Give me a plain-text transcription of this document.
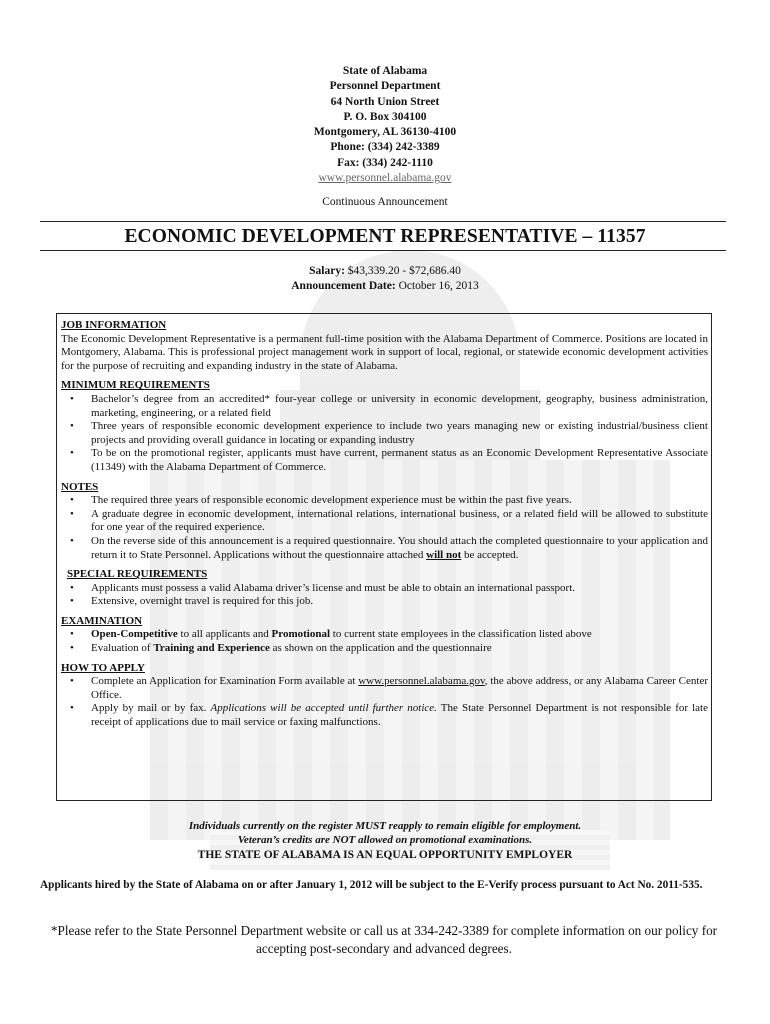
State of Alabama
Personnel Department
64 North Union Street
P. O. Box 304100
Montgomery, AL 36130-4100
Phone: (334) 242-3389
Fax: (334) 242-1110
www.personnel.alabama.gov
Continuous Announcement
ECONOMIC DEVELOPMENT REPRESENTATIVE – 11357
Salary: $43,339.20 - $72,686.40
Announcement Date: October 16, 2013
JOB INFORMATION
The Economic Development Representative is a permanent full-time position with the Alabama Department of Commerce. Positions are located in Montgomery, Alabama. This is professional project management work in support of local, regional, or statewide economic development activities for the purpose of recruiting and expanding industry in the state of Alabama.
MINIMUM REQUIREMENTS
• Bachelor’s degree from an accredited* four-year college or university in economic development, geography, business administration, marketing, engineering, or a related field
• Three years of responsible economic development experience to include two years managing new or existing industrial/business client projects and providing overall guidance in locating or expanding industry
• To be on the promotional register, applicants must have current, permanent status as an Economic Development Representative Associate (11349) with the Alabama Department of Commerce.
NOTES
• The required three years of responsible economic development experience must be within the past five years.
• A graduate degree in economic development, international relations, international business, or a related field will be allowed to substitute for one year of the required experience.
• On the reverse side of this announcement is a required questionnaire. You should attach the completed questionnaire to your application and return it to State Personnel. Applications without the questionnaire attached will not be accepted.
SPECIAL REQUIREMENTS
• Applicants must possess a valid Alabama driver’s license and must be able to obtain an international passport.
• Extensive, overnight travel is required for this job.
EXAMINATION
• Open-Competitive to all applicants and Promotional to current state employees in the classification listed above
• Evaluation of Training and Experience as shown on the application and the questionnaire
HOW TO APPLY
• Complete an Application for Examination Form available at www.personnel.alabama.gov, the above address, or any Alabama Career Center Office.
• Apply by mail or by fax. Applications will be accepted until further notice. The State Personnel Department is not responsible for late receipt of applications due to mail service or faxing malfunctions.
Individuals currently on the register MUST reapply to remain eligible for employment.
Veteran’s credits are NOT allowed on promotional examinations.
THE STATE OF ALABAMA IS AN EQUAL OPPORTUNITY EMPLOYER
Applicants hired by the State of Alabama on or after January 1, 2012 will be subject to the E-Verify process pursuant to Act No. 2011-535.
*Please refer to the State Personnel Department website or call us at 334-242-3389 for complete information on our policy for accepting post-secondary and advanced degrees.
